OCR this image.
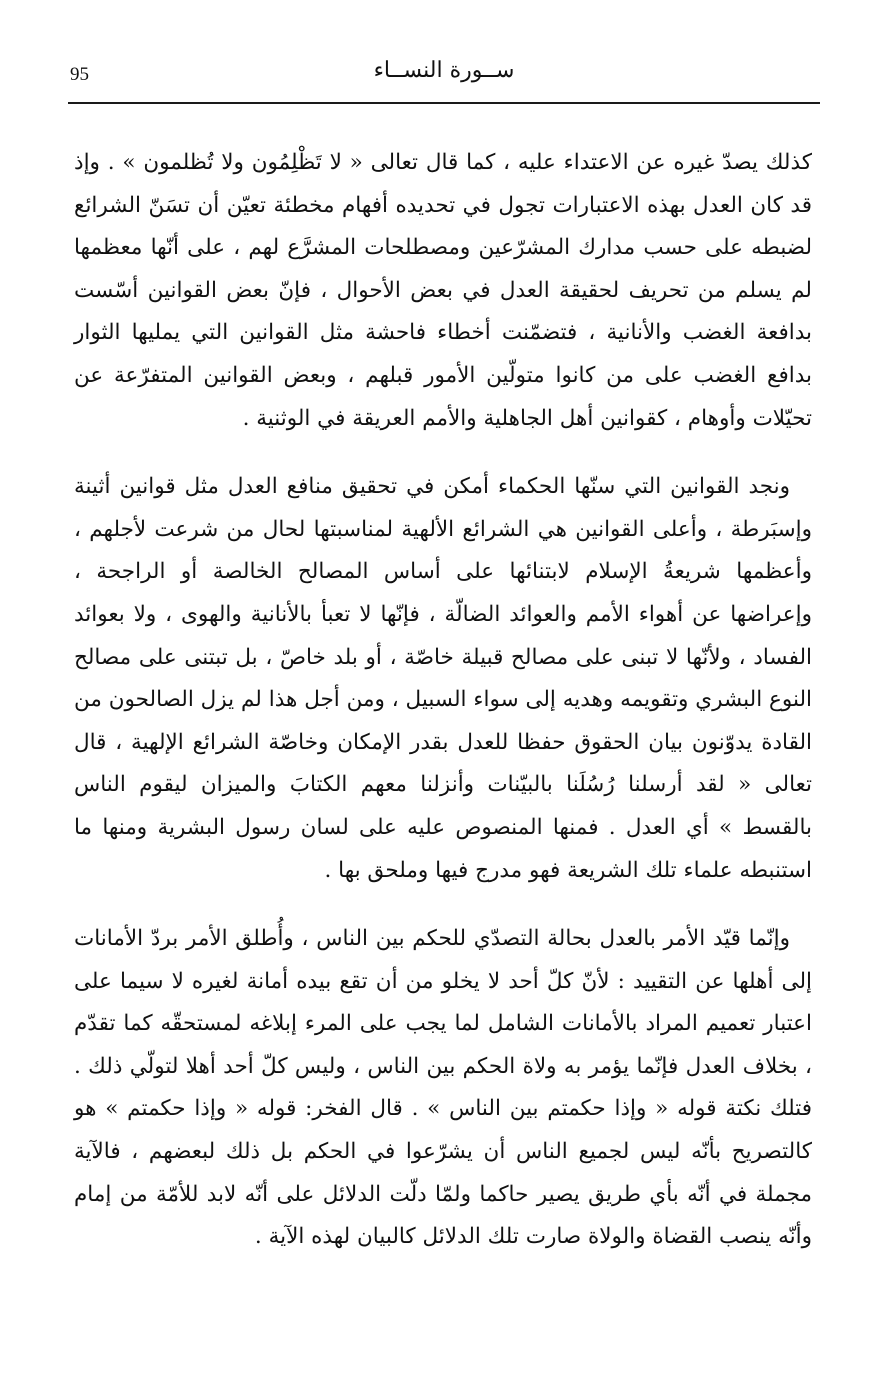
95	ســورة النســاء

كذلك يصدّ غيره عن الاعتداء عليه ، كما قال تعالى « لا تَظْلِمُون ولا تُظلمون » . وإذ قد كان العدل بهذه الاعتبارات تجول في تحديده أفهام مخطئة تعيّن أن تسَنّ الشرائع لضبطه على حسب مدارك المشرّعين ومصطلحات المشرَّع لهم ، على أنّها معظمها لم يسلم من تحريف لحقيقة العدل في بعض الأحوال ، فإنّ بعض القوانين أسّست بدافعة الغضب والأنانية ، فتضمّنت أخطاء فاحشة مثل القوانين التي يمليها الثوار بدافع الغضب على من كانوا متولّين الأمور قبلهم ، وبعض القوانين المتفرّعة عن تحيّلات وأوهام ، كقوانين أهل الجاهلية والأمم العريقة في الوثنية .

ونجد القوانين التي سنّها الحكماء أمكن في تحقيق منافع العدل مثل قوانين أثينة وإسبَرطة ، وأعلى القوانين هي الشرائع الألهية لمناسبتها لحال من شرعت لأجلهم ، وأعظمها شريعةُ الإسلام لابتنائها على أساس المصالح الخالصة أو الراجحة ، وإعراضها عن أهواء الأمم والعوائد الضالّة ، فإنّها لا تعبأ بالأنانية والهوى ، ولا بعوائد الفساد ، ولأنّها لا تبنى على مصالح قبيلة خاصّة ، أو بلد خاصّ ، بل تبتنى على مصالح النوع البشري وتقويمه وهديه إلى سواء السبيل ، ومن أجل هذا لم يزل الصالحون من القادة يدوّنون بيان الحقوق حفظا للعدل بقدر الإمكان وخاصّة الشرائع الإلهية ، قال تعالى « لقد أرسلنا رُسُلَنا بالبيّنات وأنزلنا معهم الكتابَ والميزان ليقوم الناس بالقسط » أي العدل . فمنها المنصوص عليه على لسان رسول البشرية ومنها ما استنبطه علماء تلك الشريعة فهو مدرج فيها وملحق بها .

وإنّما قيّد الأمر بالعدل بحالة التصدّي للحكم بين الناس ، وأُطلق الأمر بردّ الأمانات إلى أهلها عن التقييد : لأنّ كلّ أحد لا يخلو من أن تقع بيده أمانة لغيره لا سيما على اعتبار تعميم المراد بالأمانات الشامل لما يجب على المرء إبلاغه لمستحقّه كما تقدّم ، بخلاف العدل فإنّما يؤمر به ولاة الحكم بين الناس ، وليس كلّ أحد أهلا لتولّي ذلك . فتلك نكتة قوله « وإذا حكمتم بين الناس » . قال الفخر: قوله « وإذا حكمتم » هو كالتصريح بأنّه ليس لجميع الناس أن يشرّعوا في الحكم بل ذلك لبعضهم ، فالآية مجملة في أنّه بأي طريق يصير حاكما ولمّا دلّت الدلائل على أنّه لابد للأمّة من إمام وأنّه ينصب القضاة والولاة صارت تلك الدلائل كالبيان لهذه الآية .
